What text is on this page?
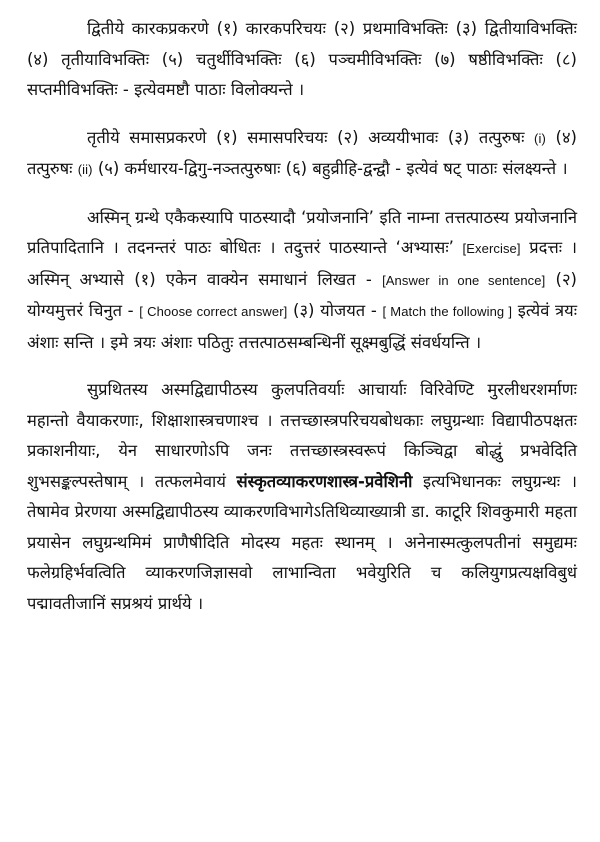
द्वितीये कारकप्रकरणे (१) कारकपरिचयः (२) प्रथमाविभक्तिः (३) द्वितीयाविभक्तिः (४) तृतीयाविभक्तिः (५) चतुर्थीविभक्तिः (६) पञ्चमीविभक्तिः (७) षष्ठीविभक्तिः (८) सप्तमीविभक्तिः - इत्येवमष्टौ पाठाः विलोक्यन्ते ।

तृतीये समासप्रकरणे (१) समासपरिचयः (२) अव्ययीभावः (३) तत्पुरुषः (i) (४) तत्पुरुषः (ii) (५) कर्मधारय-द्विगु-नञ्तत्पुरुषाः (६) बहुव्रीहि-द्वन्द्वौ - इत्येवं षट् पाठाः संलक्ष्यन्ते ।

अस्मिन् ग्रन्थे एकैकस्यापि पाठस्यादौ ‘प्रयोजनानि’ इति नाम्ना तत्तत्पाठस्य प्रयोजनानि प्रतिपादितानि । तदनन्तरं पाठः बोधितः । तदुत्तरं पाठस्यान्ते ‘अभ्यासः’ [Exercise] प्रदत्तः । अस्मिन् अभ्यासे (१) एकेन वाक्येन समाधानं लिखत - [Answer in one sentence] (२) योग्यमुत्तरं चिनुत - [ Choose correct answer] (३) योजयत - [ Match the following ] इत्येवं त्रयः अंशाः सन्ति । इमे त्रयः अंशाः पठितुः तत्तत्पाठसम्बन्धिनीं सूक्ष्मबुद्धिं संवर्धयन्ति ।

सुप्रथितस्य अस्मद्विद्यापीठस्य कुलपतिवर्याः आचार्याः विरिवेण्टि मुरलीधरशर्माणः महान्तो वैयाकरणाः, शिक्षाशास्त्रचणाश्च । तत्तच्छास्त्रपरिचयबोधकाः लघुग्रन्थाः विद्यापीठपक्षतः प्रकाशनीयाः, येन साधारणोऽपि जनः तत्तच्छास्त्रस्वरूपं किञ्चिद्वा बोद्धुं प्रभवेदिति शुभसङ्कल्पस्तेषाम् । तत्फलमेवायं संस्कृतव्याकरणशास्त्र-प्रवेशिनी इत्यभिधानकः लघुग्रन्थः । तेषामेव प्रेरणया अस्मद्विद्यापीठस्य व्याकरणविभागेऽतिथिव्याख्यात्री डा. काटूरि शिवकुमारी महता प्रयासेन लघुग्रन्थमिमं प्राणैषीदिति मोदस्य महतः स्थानम् । अनेनास्मत्कुलपतीनां समुद्यमः फलेग्रहिर्भवत्विति व्याकरणजिज्ञासवो लाभान्विता भवेयुरिति च कलियुगप्रत्यक्षविबुधं पद्मावतीजानिं सप्रश्रयं प्रार्थये ।
